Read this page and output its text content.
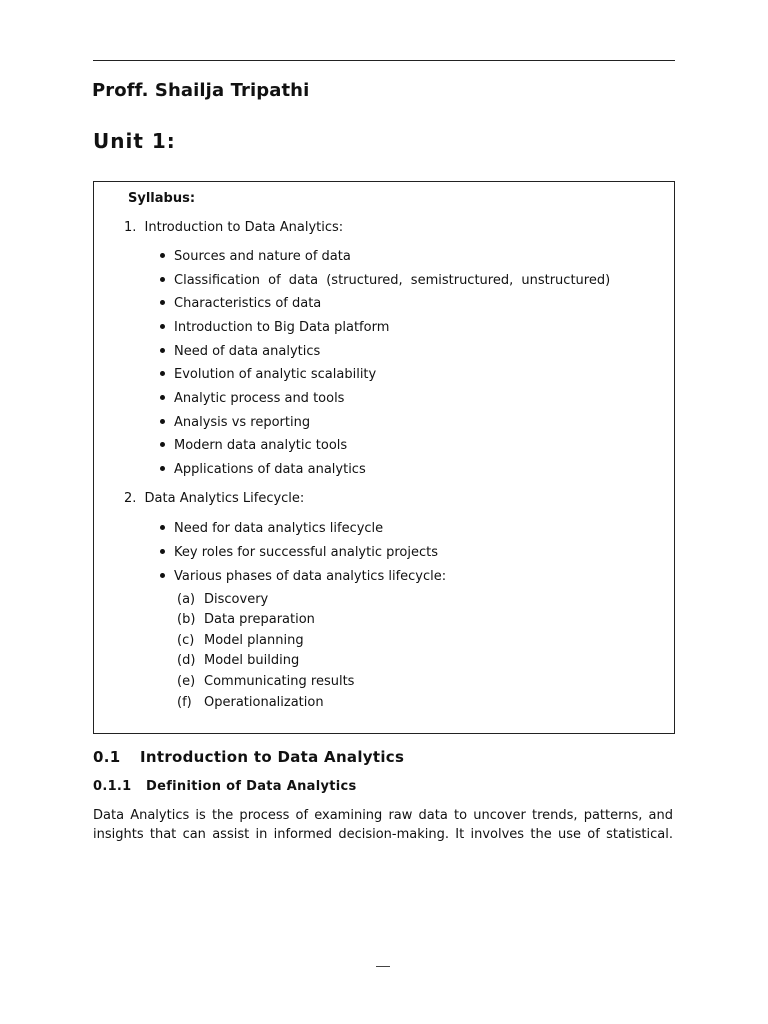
Proff. Shailja Tripathi
Unit 1:
Syllabus:
1. Introduction to Data Analytics:
Sources and nature of data
Classification of data (structured, semistructured, unstructured)
Characteristics of data
Introduction to Big Data platform
Need of data analytics
Evolution of analytic scalability
Analytic process and tools
Analysis vs reporting
Modern data analytic tools
Applications of data analytics
2. Data Analytics Lifecycle:
Need for data analytics lifecycle
Key roles for successful analytic projects
Various phases of data analytics lifecycle:
(a) Discovery
(b) Data preparation
(c) Model planning
(d) Model building
(e) Communicating results
(f) Operationalization
0.1 Introduction to Data Analytics
0.1.1 Definition of Data Analytics
Data Analytics is the process of examining raw data to uncover trends, patterns, and
insights that can assist in informed decision-making. It involves the use of statistical.
